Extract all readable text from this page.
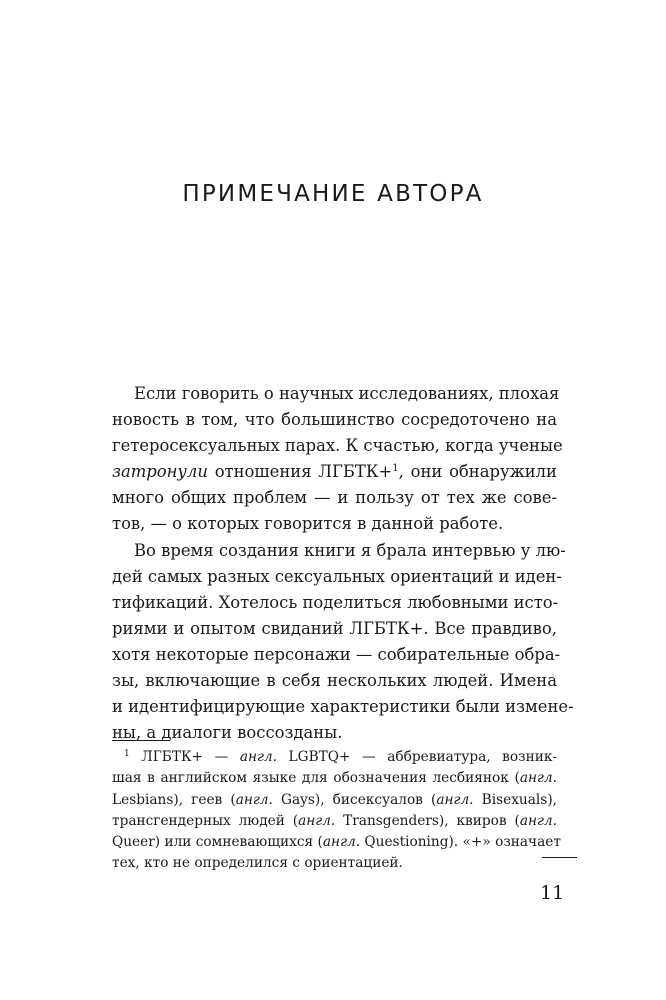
ПРИМЕЧАНИЕ АВТОРА
Если говорить о научных исследованиях, плохая
новость в том, что большинство сосредоточено на
гетеросексуальных парах. К счастью, когда ученые
затронули отношения ЛГБТК+$^1$, они обнаружили
много общих проблем — и пользу от тех же сове-
тов, — о которых говорится в данной работе.
Во время создания книги я брала интервью у лю-
дей самых разных сексуальных ориентаций и иден-
тификаций. Хотелось поделиться любовными исто-
риями и опытом свиданий ЛГБТК+. Все правдиво,
хотя некоторые персонажи — собирательные обра-
зы, включающие в себя нескольких людей. Имена
и идентифицирующие характеристики были измене-
ны, а диалоги воссозданы.
$^1$ ЛГБТК+ — англ. LGBTQ+ — аббревиатура, возник-
шая в английском языке для обозначения лесбиянок (англ.
Lesbians), геев (англ. Gays), бисексуалов (англ. Bisexuals),
трансгендерных людей (англ. Transgenders), квиров (англ.
Queer) или сомневающихся (англ. Questioning). «+» означает
тех, кто не определился с ориентацией.
11
